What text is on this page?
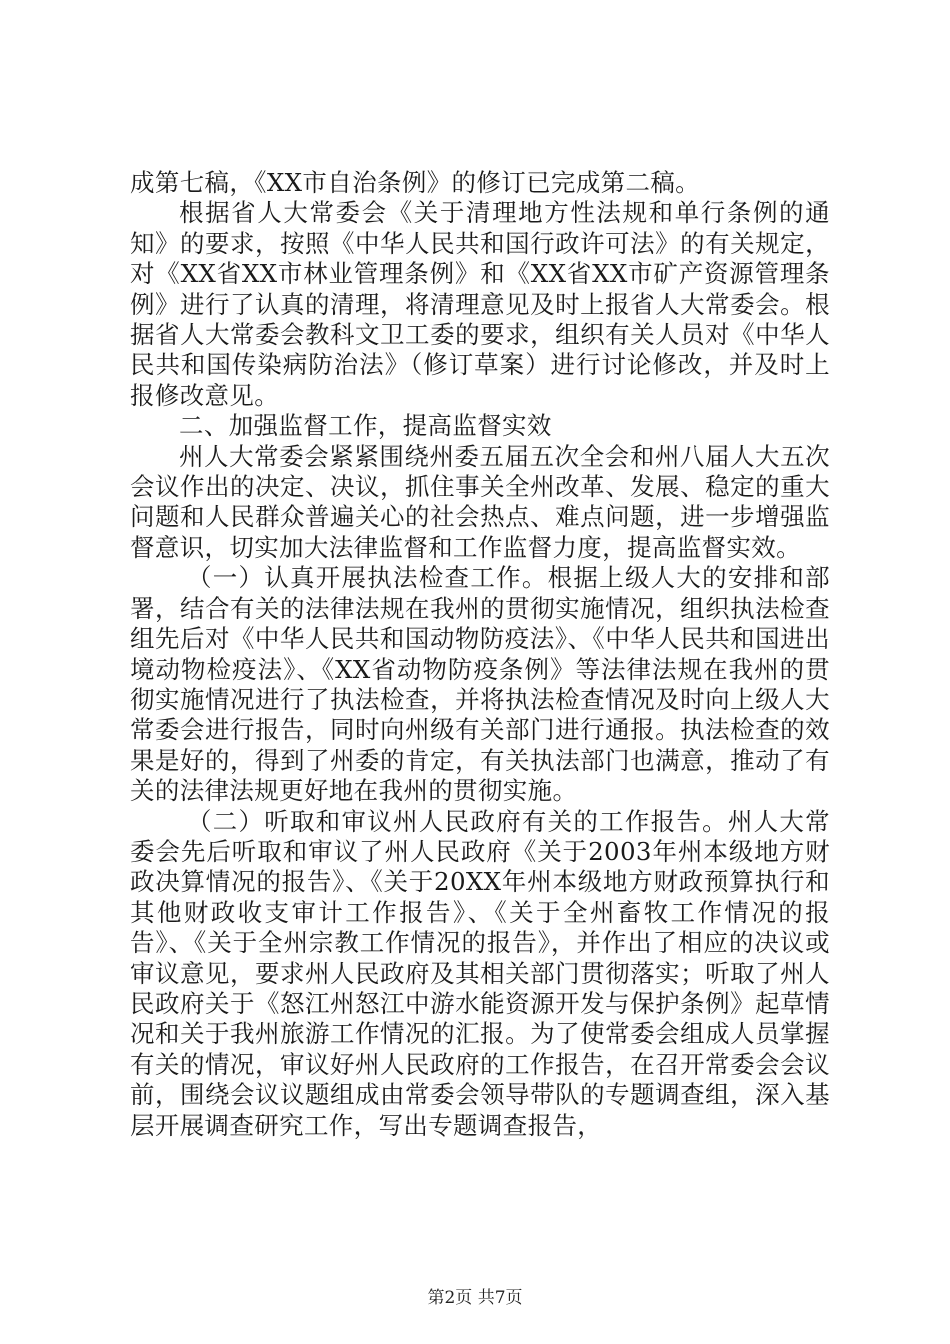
成第七稿，《XX市自治条例》的修订已完成第二稿。

根据省人大常委会《关于清理地方性法规和单行条例的通知》的要求，按照《中华人民共和国行政许可法》的有关规定，对《XX省XX市林业管理条例》和《XX省XX市矿产资源管理条例》进行了认真的清理，将清理意见及时上报省人大常委会。根据省人大常委会教科文卫工委的要求，组织有关人员对《中华人民共和国传染病防治法》（修订草案）进行讨论修改，并及时上报修改意见。

二、加强监督工作，提高监督实效

州人大常委会紧紧围绕州委五届五次全会和州八届人大五次会议作出的决定、决议，抓住事关全州改革、发展、稳定的重大问题和人民群众普遍关心的社会热点、难点问题，进一步增强监督意识，切实加大法律监督和工作监督力度，提高监督实效。

（一）认真开展执法检查工作。根据上级人大的安排和部署，结合有关的法律法规在我州的贯彻实施情况，组织执法检查组先后对《中华人民共和国动物防疫法》、《中华人民共和国进出境动物检疫法》、《XX省动物防疫条例》等法律法规在我州的贯彻实施情况进行了执法检查，并将执法检查情况及时向上级人大常委会进行报告，同时向州级有关部门进行通报。执法检查的效果是好的，得到了州委的肯定，有关执法部门也满意，推动了有关的法律法规更好地在我州的贯彻实施。

（二）听取和审议州人民政府有关的工作报告。州人大常委会先后听取和审议了州人民政府《关于2003年州本级地方财政决算情况的报告》、《关于20XX年州本级地方财政预算执行和其他财政收支审计工作报告》、《关于全州畜牧工作情况的报告》、《关于全州宗教工作情况的报告》，并作出了相应的决议或审议意见，要求州人民政府及其相关部门贯彻落实；听取了州人民政府关于《怒江州怒江中游水能资源开发与保护条例》起草情况和关于我州旅游工作情况的汇报。为了使常委会组成人员掌握有关的情况，审议好州人民政府的工作报告，在召开常委会会议前，围绕会议议题组成由常委会领导带队的专题调查组，深入基层开展调查研究工作，写出专题调查报告，

第2页 共7页
